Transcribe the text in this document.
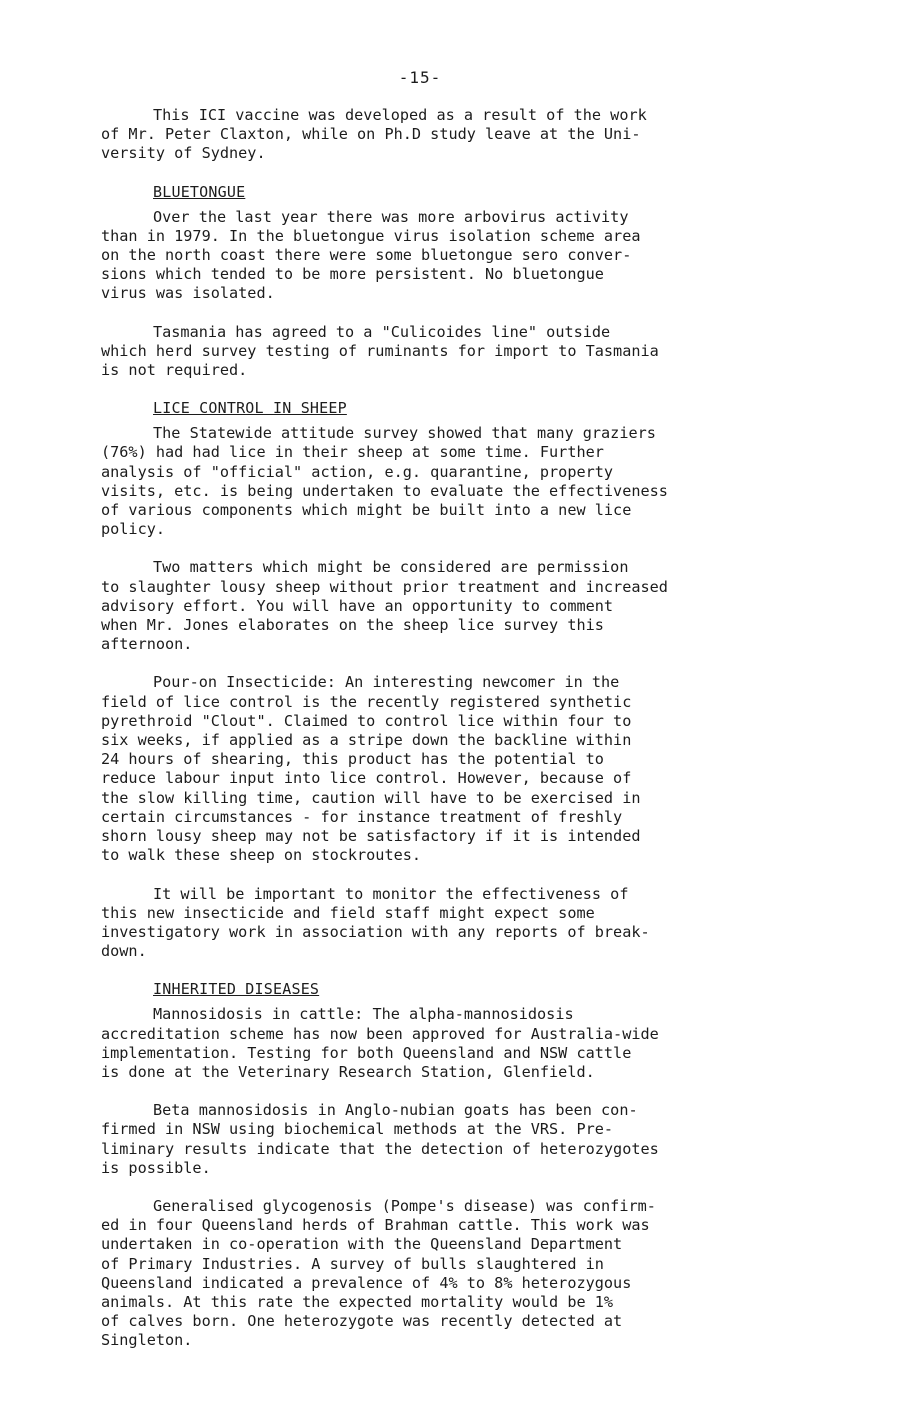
-15-

This ICI vaccine was developed as a result of the work
of Mr. Peter Claxton, while on Ph.D study leave at the Uni-
versity of Sydney.

BLUETONGUE

Over the last year there was more arbovirus activity
than in 1979. In the bluetongue virus isolation scheme area
on the north coast there were some bluetongue sero conver-
sions which tended to be more persistent. No bluetongue
virus was isolated.

Tasmania has agreed to a "Culicoides line" outside
which herd survey testing of ruminants for import to Tasmania
is not required.

LICE CONTROL IN SHEEP

The Statewide attitude survey showed that many graziers
(76%) had had lice in their sheep at some time. Further
analysis of "official" action, e.g. quarantine, property
visits, etc. is being undertaken to evaluate the effectiveness
of various components which might be built into a new lice
policy.

Two matters which might be considered are permission
to slaughter lousy sheep without prior treatment and increased
advisory effort. You will have an opportunity to comment
when Mr. Jones elaborates on the sheep lice survey this
afternoon.

Pour-on Insecticide: An interesting newcomer in the
field of lice control is the recently registered synthetic
pyrethroid "Clout". Claimed to control lice within four to
six weeks, if applied as a stripe down the backline within
24 hours of shearing, this product has the potential to
reduce labour input into lice control. However, because of
the slow killing time, caution will have to be exercised in
certain circumstances - for instance treatment of freshly
shorn lousy sheep may not be satisfactory if it is intended
to walk these sheep on stockroutes.

It will be important to monitor the effectiveness of
this new insecticide and field staff might expect some
investigatory work in association with any reports of break-
down.

INHERITED DISEASES

Mannosidosis in cattle: The alpha-mannosidosis
accreditation scheme has now been approved for Australia-wide
implementation. Testing for both Queensland and NSW cattle
is done at the Veterinary Research Station, Glenfield.

Beta mannosidosis in Anglo-nubian goats has been con-
firmed in NSW using biochemical methods at the VRS. Pre-
liminary results indicate that the detection of heterozygotes
is possible.

Generalised glycogenosis (Pompe's disease) was confirm-
ed in four Queensland herds of Brahman cattle. This work was
undertaken in co-operation with the Queensland Department
of Primary Industries. A survey of bulls slaughtered in
Queensland indicated a prevalence of 4% to 8% heterozygous
animals. At this rate the expected mortality would be 1%
of calves born. One heterozygote was recently detected at
Singleton.
